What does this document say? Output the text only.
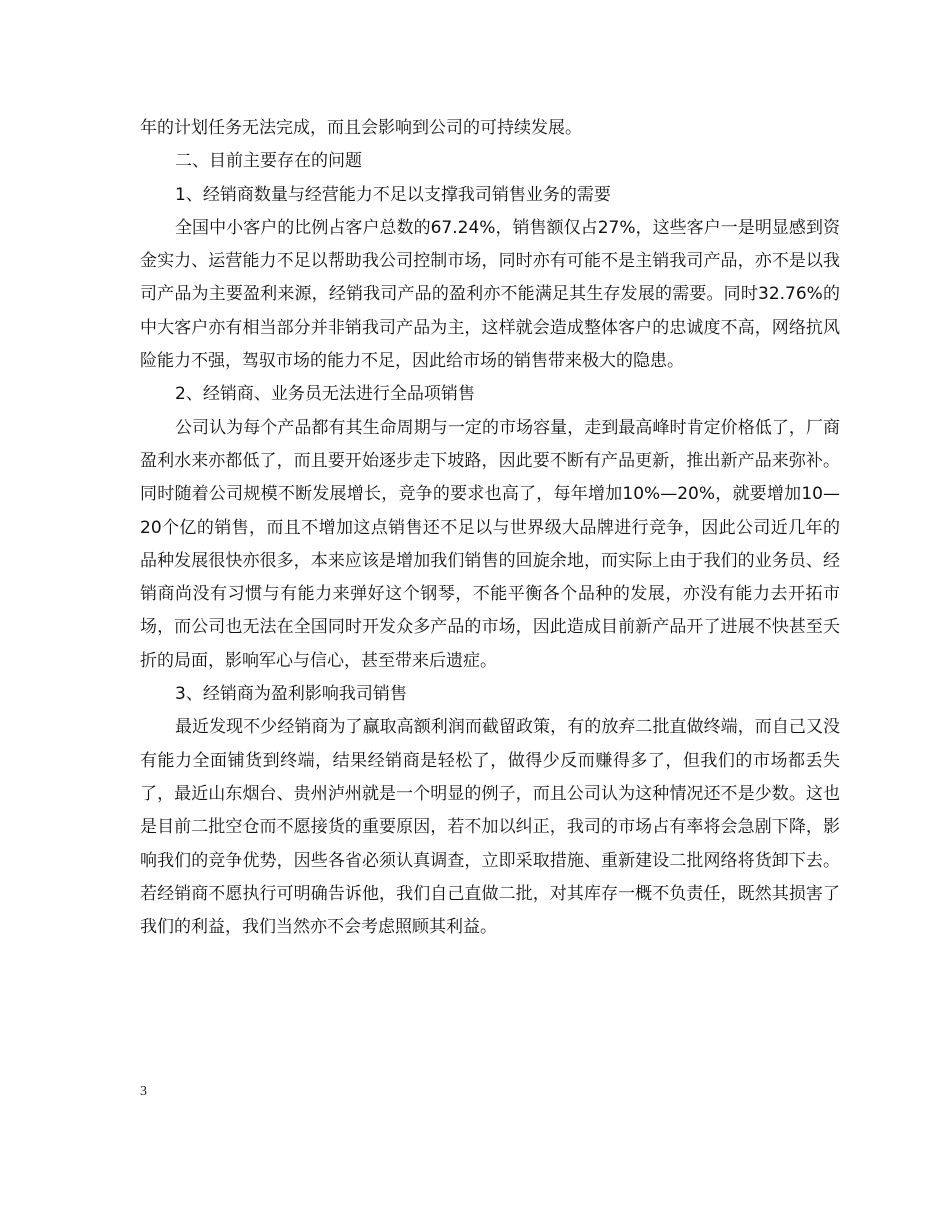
年的计划任务无法完成，而且会影响到公司的可持续发展。

二、目前主要存在的问题

1、经销商数量与经营能力不足以支撑我司销售业务的需要

全国中小客户的比例占客户总数的67.24%，销售额仅占27%，这些客户一是明显感到资金实力、运营能力不足以帮助我公司控制市场，同时亦有可能不是主销我司产品，亦不是以我司产品为主要盈利来源，经销我司产品的盈利亦不能满足其生存发展的需要。同时32.76%的中大客户亦有相当部分并非销我司产品为主，这样就会造成整体客户的忠诚度不高，网络抗风险能力不强，驾驭市场的能力不足，因此给市场的销售带来极大的隐患。

2、经销商、业务员无法进行全品项销售

公司认为每个产品都有其生命周期与一定的市场容量，走到最高峰时肯定价格低了，厂商盈利水来亦都低了，而且要开始逐步走下坡路，因此要不断有产品更新，推出新产品来弥补。同时随着公司规模不断发展增长，竞争的要求也高了，每年增加10%—20%，就要增加10—20个亿的销售，而且不增加这点销售还不足以与世界级大品牌进行竞争，因此公司近几年的品种发展很快亦很多，本来应该是增加我们销售的回旋余地，而实际上由于我们的业务员、经销商尚没有习惯与有能力来弹好这个钢琴，不能平衡各个品种的发展，亦没有能力去开拓市场，而公司也无法在全国同时开发众多产品的市场，因此造成目前新产品开了进展不快甚至夭折的局面，影响军心与信心，甚至带来后遗症。

3、经销商为盈利影响我司销售

最近发现不少经销商为了赢取高额利润而截留政策，有的放弃二批直做终端，而自己又没有能力全面铺货到终端，结果经销商是轻松了，做得少反而赚得多了，但我们的市场都丢失了，最近山东烟台、贵州泸州就是一个明显的例子，而且公司认为这种情况还不是少数。这也是目前二批空仓而不愿接货的重要原因，若不加以纠正，我司的市场占有率将会急剧下降，影响我们的竞争优势，因些各省必须认真调查，立即采取措施、重新建设二批网络将货卸下去。若经销商不愿执行可明确告诉他，我们自己直做二批，对其库存一概不负责任，既然其损害了我们的利益，我们当然亦不会考虑照顾其利益。

3
